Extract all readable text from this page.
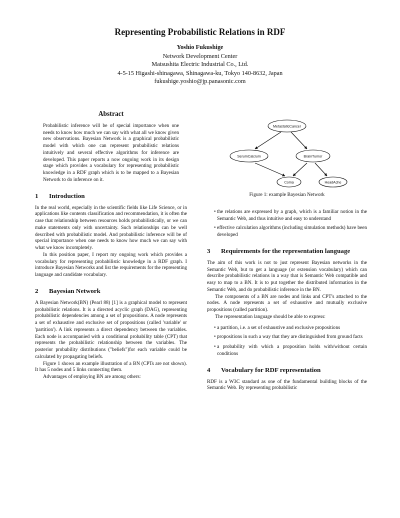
Representing Probabilistic Relations in RDF
Yoshio Fukushige
Network Development Center
Matsushita Electric Industrial Co., Ltd.
4-5-15 Higashi-shinagawa, Shinagawa-ku, Tokyo 140-8632, Japan
fukushige.yoshio@jp.panasonic.com
Abstract

Probabilistic inference will be of special importance when one needs to know how much we can say with what all we know given new observations. Bayesian Network is a graphical probabilistic model with which one can represent probabilistic relations intuitively and several effective algorithms for inference are developed. This paper reports a now ongoing work in its design stage which provides a vocabulary for representing probabilistic knowledge in a RDF graph which is to be mapped to a Bayesian Network to do inference on it.

1	Introduction

In the real world, especially in the scientific fields like Life Science, or in applications like contents classification and recommendation, it is often the case that relationship between resources holds probabilistically, or we can make statements only with uncertainty. Such relationships can be well described with probabilistic model. And probabilistic inference will be of special importance when one needs to know how much we can say with what we know incompletely.

In this position paper, I report my ongoing work which provides a vocabulary for representing probabilistic knowledge in a RDF graph. I introduce Bayesian Networks and list the requirements for the representing language and candidate vocabulary.

2	Bayesian Network

A Bayesian Network(BN) (Pearl 88) [1] is a graphical model to represent probabilistic relations. It is a directed acyclic graph (DAG), representing probabilistic dependencies among a set of propositions. A node represents a set of exhaustive and exclusive set of propositions (called 'variable' or 'partition'). A link represents a direct dependency between the variables. Each node is accompanied with a conditional probability table (CPT) that represents the probabilistic relationship between the variables. The posterior probability distributions ("beliefs")for each variable could be calculated by propagating beliefs.

Figure 1 shows an example illustration of a BN (CPTs are not shown). It has 5 nodes and 5 links connecting them.

Advantages of employing BN are among others:

MetastaticCancer
SerumCalcium	BrainTumor
Coma	HeadAche
Figure 1: example Bayesian Network
• the relations are expressed by a graph, which is a familiar notion in the Semantic Web, and thus intuitive and easy to understand
• effective calculation algorithms (including simulation methods) have been developed
3	Requirements for the representation language

The aim of this work is not to just represent Bayesian networks in the Semantic Web, but to get a language (or extension vocabulary) which can describe probabilistic relations in a way that is Semantic Web compatible and easy to map to a BN. It is to put together the distributed information in the Semantic Web, and do probabilistic inference in the BN.

The components of a BN are nodes and links and CPT's attached to the nodes. A node represents a set of exhaustive and mutually exclusive propositions (called partition).

The representation language should be able to express:

• a partition, i.e. a set of exhaustive and exclusive propositions
• propositions in such a way that they are distinguished from ground facts
• a probability with which a proposition holds with/without certain conditions
4	Vocabulary for RDF representation

RDF is a W3C standard as one of the fundamental building blocks of the Semantic Web. By representing probabilistic
